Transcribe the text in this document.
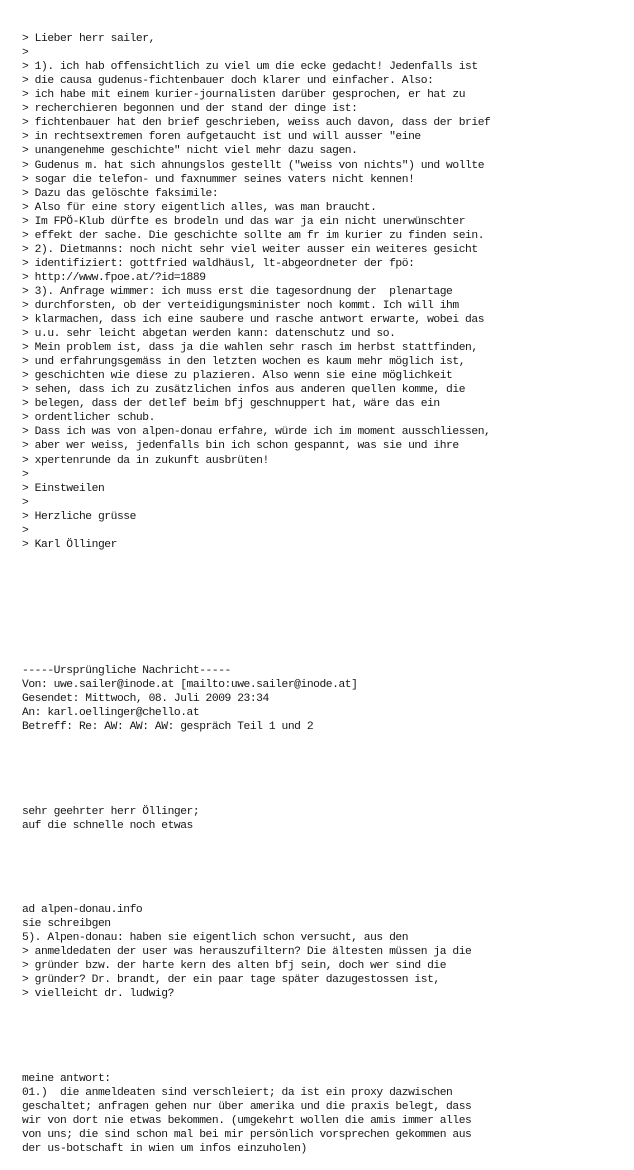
> Lieber herr sailer,
>
> 1). ich hab offensichtlich zu viel um die ecke gedacht! Jedenfalls ist
> die causa gudenus-fichtenbauer doch klarer und einfacher. Also:
> ich habe mit einem kurier-journalisten darüber gesprochen, er hat zu
> recherchieren begonnen und der stand der dinge ist:
> fichtenbauer hat den brief geschrieben, weiss auch davon, dass der brief
> in rechtsextremen foren aufgetaucht ist und will ausser "eine
> unangenehme geschichte" nicht viel mehr dazu sagen.
> Gudenus m. hat sich ahnungslos gestellt ("weiss von nichts") und wollte
> sogar die telefon- und faxnummer seines vaters nicht kennen!
> Dazu das gelöschte faksimile:
> Also für eine story eigentlich alles, was man braucht.
> Im FPÖ-Klub dürfte es brodeln und das war ja ein nicht unerwünschter
> effekt der sache. Die geschichte sollte am fr im kurier zu finden sein.
> 2). Dietmanns: noch nicht sehr viel weiter ausser ein weiteres gesicht
> identifiziert: gottfried waldhäusl, lt-abgeordneter der fpö:
> http://www.fpoe.at/?id=1889
> 3). Anfrage wimmer: ich muss erst die tagesordnung der  plenartage
> durchforsten, ob der verteidigungsminister noch kommt. Ich will ihm
> klarmachen, dass ich eine saubere und rasche antwort erwarte, wobei das
> u.u. sehr leicht abgetan werden kann: datenschutz und so.
> Mein problem ist, dass ja die wahlen sehr rasch im herbst stattfinden,
> und erfahrungsgemäss in den letzten wochen es kaum mehr möglich ist,
> geschichten wie diese zu plazieren. Also wenn sie eine möglichkeit
> sehen, dass ich zu zusätzlichen infos aus anderen quellen komme, die
> belegen, dass der detlef beim bfj geschnuppert hat, wäre das ein
> ordentlicher schub.
> Dass ich was von alpen-donau erfahre, würde ich im moment ausschliessen,
> aber wer weiss, jedenfalls bin ich schon gespannt, was sie und ihre
> xpertenrunde da in zukunft ausbrüten!
>
> Einstweilen
>
> Herzliche grüsse
>
> Karl Öllinger

-----Ursprüngliche Nachricht-----
Von: uwe.sailer@inode.at [mailto:uwe.sailer@inode.at]
Gesendet: Mittwoch, 08. Juli 2009 23:34
An: karl.oellinger@chello.at
Betreff: Re: AW: AW: AW: gespräch Teil 1 und 2

sehr geehrter herr Öllinger;
auf die schnelle noch etwas

ad alpen-donau.info
sie schreibgen
5). Alpen-donau: haben sie eigentlich schon versucht, aus den
> anmeldedaten der user was herauszufiltern? Die ältesten müssen ja die
> gründer bzw. der harte kern des alten bfj sein, doch wer sind die
> gründer? Dr. brandt, der ein paar tage später dazugestossen ist,
> vielleicht dr. ludwig?

meine antwort:
01.)  die anmeldeaten sind verschleiert; da ist ein proxy dazwischen
geschaltet; anfragen gehen nur über amerika und die praxis belegt, dass
wir von dort nie etwas bekommen. (umgekehrt wollen die amis immer alles
von uns; die sind schon mal bei mir persönlich vorsprechen gekommen aus
der us-botschaft in wien um infos einzuholen)
